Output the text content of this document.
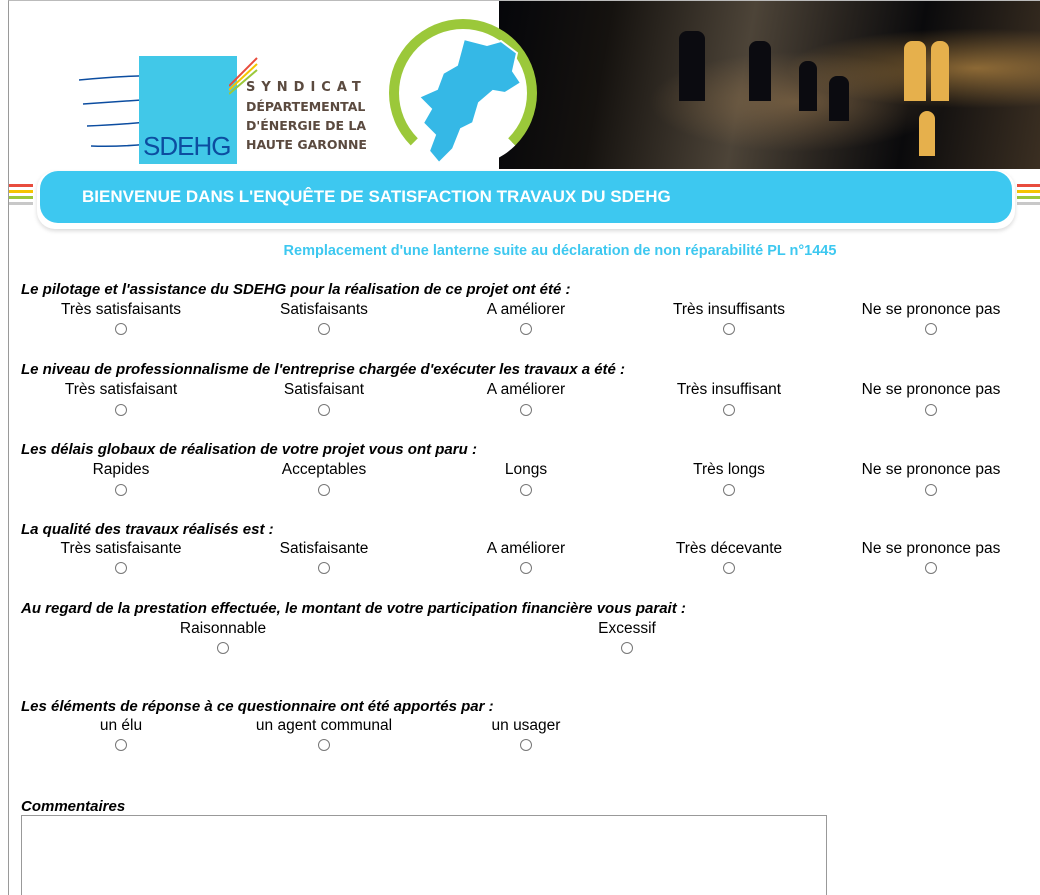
SDEHG
SYNDICAT
DÉPARTEMENTAL
D'ÉNERGIE DE LA
HAUTE GARONNE
BIENVENUE DANS L'ENQUÊTE DE SATISFACTION TRAVAUX DU SDEHG
Remplacement d'une lanterne suite au déclaration de non réparabilité PL n°1445
Le pilotage et l'assistance du SDEHG pour la réalisation de ce projet ont été :
Très satisfaisants	Satisfaisants	A améliorer	Très insuffisants	Ne se prononce pas
Le niveau de professionnalisme de l'entreprise chargée d'exécuter les travaux a été :
Très satisfaisant	Satisfaisant	A améliorer	Très insuffisant	Ne se prononce pas
Les délais globaux de réalisation de votre projet vous ont paru :
Rapides	Acceptables	Longs	Très longs	Ne se prononce pas
La qualité des travaux réalisés est :
Très satisfaisante	Satisfaisante	A améliorer	Très décevante	Ne se prononce pas
Au regard de la prestation effectuée, le montant de votre participation financière vous parait :
Raisonnable	Excessif
Les éléments de réponse à ce questionnaire ont été apportés par :
un élu	un agent communal	un usager
Commentaires
